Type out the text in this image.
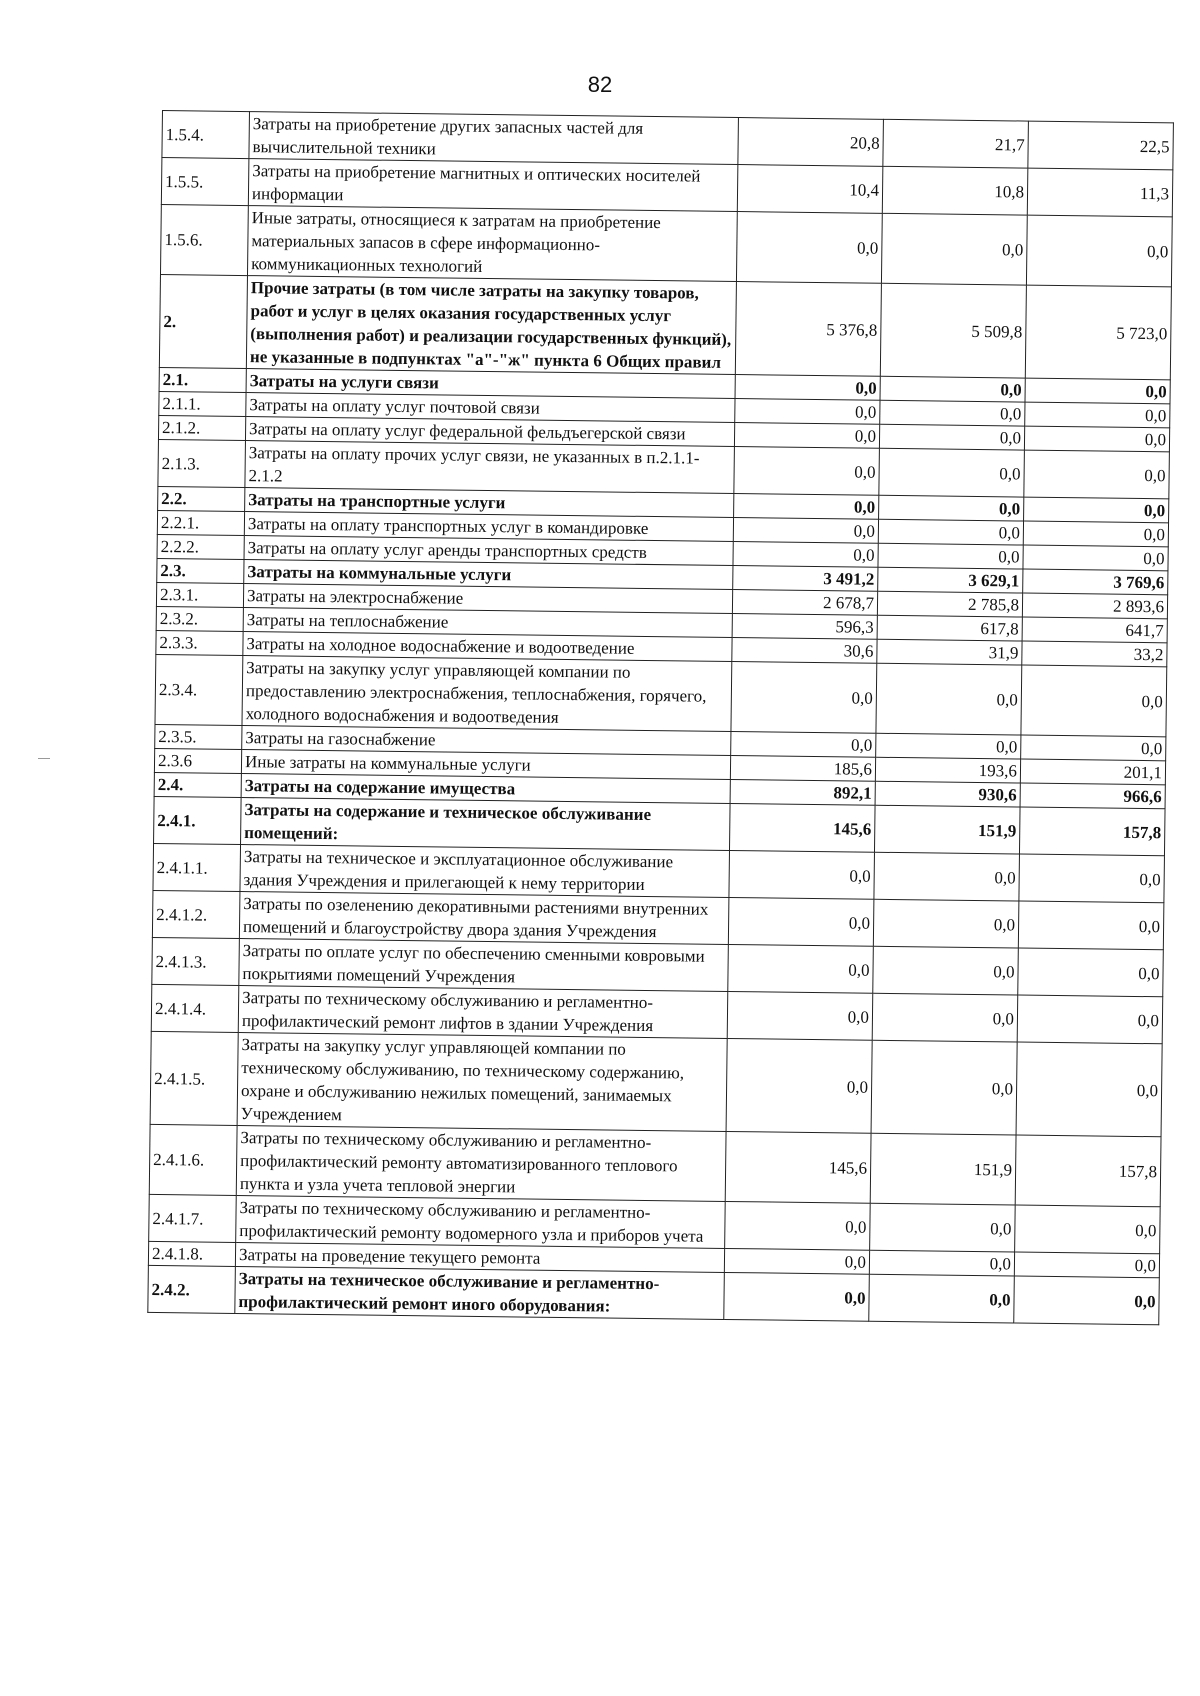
82
1.5.4.	Затраты на приобретение других запасных частей для вычислительной техники	20,8	21,7	22,5
1.5.5.	Затраты на приобретение магнитных и оптических носителей информации	10,4	10,8	11,3
1.5.6.	Иные затраты, относящиеся к затратам на приобретение материальных запасов в сфере информационно-коммуникационных технологий	0,0	0,0	0,0
2.	Прочие затраты (в том числе затраты на закупку товаров, работ и услуг в целях оказания государственных услуг (выполнения работ) и реализации государственных функций), не указанные в подпунктах "а"-"ж" пункта 6 Общих правил	5 376,8	5 509,8	5 723,0
2.1.	Затраты на услуги связи	0,0	0,0	0,0
2.1.1.	Затраты на оплату услуг почтовой связи	0,0	0,0	0,0
2.1.2.	Затраты на оплату услуг федеральной фельдъегерской связи	0,0	0,0	0,0
2.1.3.	Затраты на оплату прочих услуг связи, не указанных в п.2.1.1-2.1.2	0,0	0,0	0,0
2.2.	Затраты на транспортные услуги	0,0	0,0	0,0
2.2.1.	Затраты на оплату транспортных услуг в командировке	0,0	0,0	0,0
2.2.2.	Затраты на оплату услуг аренды транспортных средств	0,0	0,0	0,0
2.3.	Затраты на коммунальные услуги	3 491,2	3 629,1	3 769,6
2.3.1.	Затраты на электроснабжение	2 678,7	2 785,8	2 893,6
2.3.2.	Затраты на теплоснабжение	596,3	617,8	641,7
2.3.3.	Затраты на холодное водоснабжение и водоотведение	30,6	31,9	33,2
2.3.4.	Затраты на закупку услуг управляющей компании по предоставлению электроснабжения, теплоснабжения, горячего, холодного водоснабжения и водоотведения	0,0	0,0	0,0
2.3.5.	Затраты на газоснабжение	0,0	0,0	0,0
2.3.6	Иные затраты на коммунальные услуги	185,6	193,6	201,1
2.4.	Затраты на содержание имущества	892,1	930,6	966,6
2.4.1.	Затраты на содержание и техническое обслуживание помещений:	145,6	151,9	157,8
2.4.1.1.	Затраты на техническое и эксплуатационное обслуживание здания Учреждения и прилегающей к нему территории	0,0	0,0	0,0
2.4.1.2.	Затраты по озеленению декоративными растениями внутренних помещений и благоустройству двора здания Учреждения	0,0	0,0	0,0
2.4.1.3.	Затраты по оплате услуг по обеспечению сменными ковровыми покрытиями помещений Учреждения	0,0	0,0	0,0
2.4.1.4.	Затраты по техническому обслуживанию и регламентно-профилактический ремонт лифтов в здании Учреждения	0,0	0,0	0,0
2.4.1.5.	Затраты на закупку услуг управляющей компании по техническому обслуживанию, по техническому содержанию, охране и обслуживанию нежилых помещений, занимаемых Учреждением	0,0	0,0	0,0
2.4.1.6.	Затраты по техническому обслуживанию и регламентно-профилактический ремонту автоматизированного теплового пункта и узла учета тепловой энергии	145,6	151,9	157,8
2.4.1.7.	Затраты по техническому обслуживанию и регламентно-профилактический ремонту водомерного узла и приборов учета	0,0	0,0	0,0
2.4.1.8.	Затраты на проведение текущего ремонта	0,0	0,0	0,0
2.4.2.	Затраты на техническое обслуживание и регламентно-профилактический ремонт иного оборудования:	0,0	0,0	0,0
